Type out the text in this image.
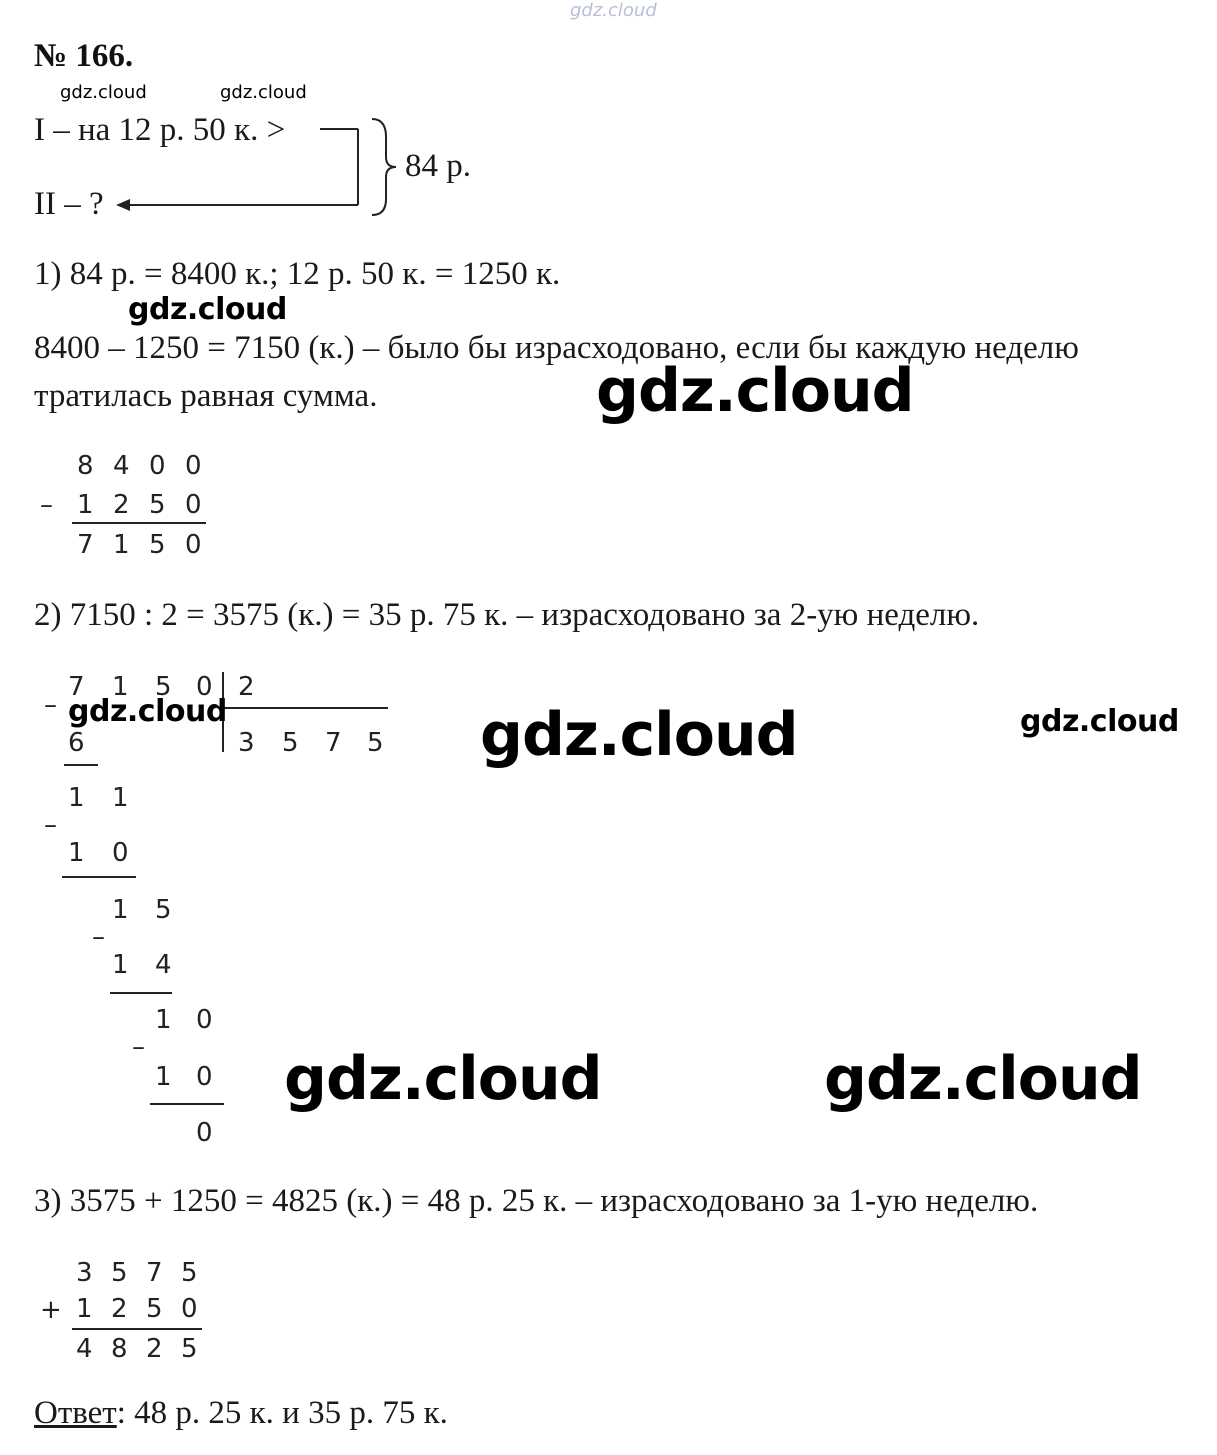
gdz.cloud
№ 166.
gdz.cloud	gdz.cloud
I – на 12 р. 50 к. >
II – ?
84 р.
1) 84 р. = 8400 к.; 12 р. 50 к. = 1250 к.
gdz.cloud
8400 – 1250 = 7150 (к.) – было бы израсходовано, если бы каждую неделю
тратилась равная сумма.	gdz.cloud
–
8 4 0 0
1 2 5 0
7 1 5 0
2) 7150 : 2 = 3575 (к.) = 35 р. 75 к. – израсходовано за 2-ую неделю.
–
7 1 5 0 2
3 5 7 5
6
1 1
–
1 0
1 5
–
1 4
1 0
–
1 0
0
gdz.cloud	gdz.cloud	gdz.cloud
gdz.cloud	gdz.cloud
3) 3575 + 1250 = 4825 (к.) = 48 р. 25 к. – израсходовано за 1-ую неделю.
+
3 5 7 5
1 2 5 0
4 8 2 5
Ответ: 48 р. 25 к. и 35 р. 75 к.
